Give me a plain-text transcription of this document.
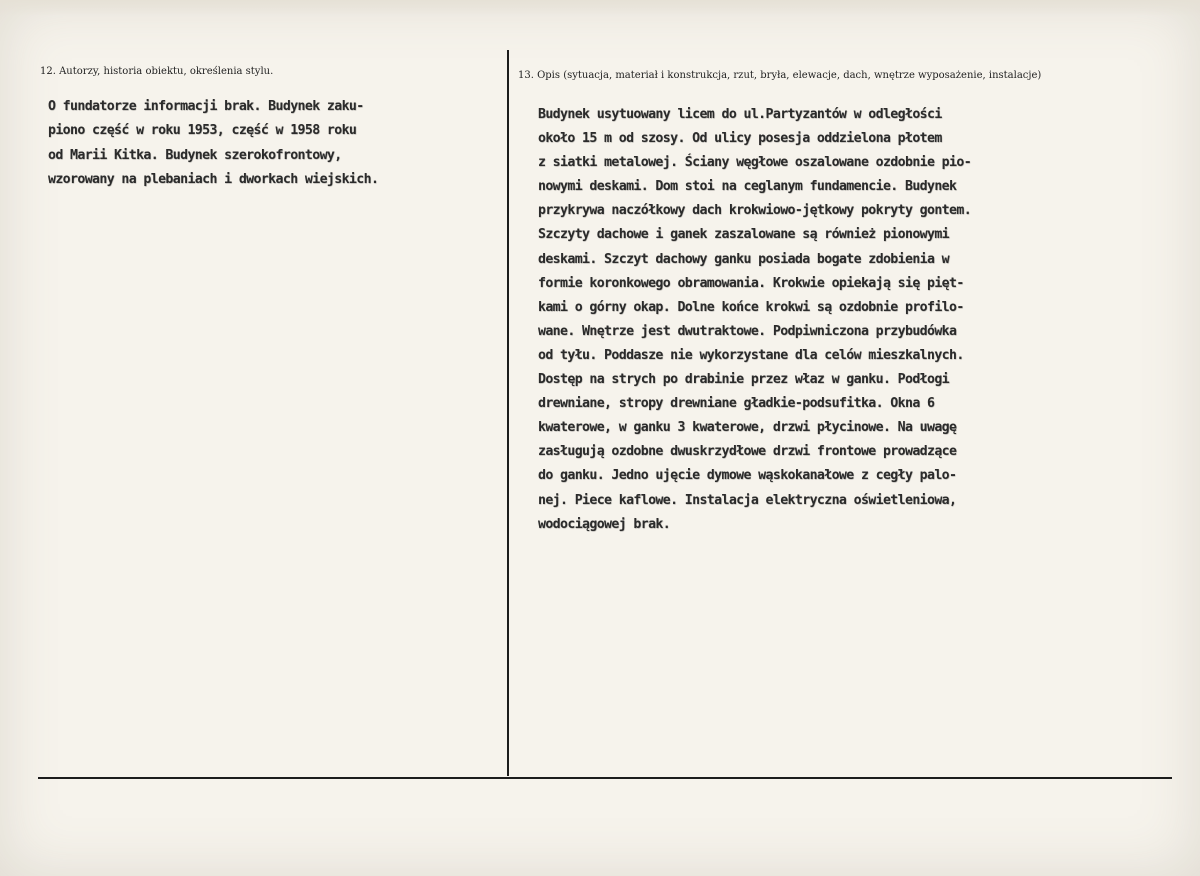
12. Autorzy, historia obiektu, określenia stylu.	13. Opis (sytuacja, materiał i konstrukcja, rzut, bryła, elewacje, dach, wnętrze wyposażenie, instalacje)
O fundatorze informacji brak. Budynek zaku-
piono część w roku 1953, część w 1958 roku
od Marii Kitka. Budynek szerokofrontowy,
wzorowany na plebaniach i dworkach wiejskich.
Budynek usytuowany licem do ul.Partyzantów w odległości
około 15 m od szosy. Od ulicy posesja oddzielona płotem
z siatki metalowej. Ściany węgłowe oszalowane ozdobnie pio-
nowymi deskami. Dom stoi na ceglanym fundamencie. Budynek
przykrywa naczółkowy dach krokwiowo-jętkowy pokryty gontem.
Szczyty dachowe i ganek zaszalowane są również pionowymi
deskami. Szczyt dachowy ganku posiada bogate zdobienia w
formie koronkowego obramowania. Krokwie opiekają się pięt-
kami o górny okap. Dolne końce krokwi są ozdobnie profilo-
wane. Wnętrze jest dwutraktowe. Podpiwniczona przybudówka
od tyłu. Poddasze nie wykorzystane dla celów mieszkalnych.
Dostęp na strych po drabinie przez właz w ganku. Podłogi
drewniane, stropy drewniane gładkie-podsufitka. Okna 6
kwaterowe, w ganku 3 kwaterowe, drzwi płycinowe. Na uwagę
zasługują ozdobne dwuskrzydłowe drzwi frontowe prowadzące
do ganku. Jedno ujęcie dymowe wąskokanałowe z cegły palo-
nej. Piece kaflowe. Instalacja elektryczna oświetleniowa,
wodociągowej brak.
